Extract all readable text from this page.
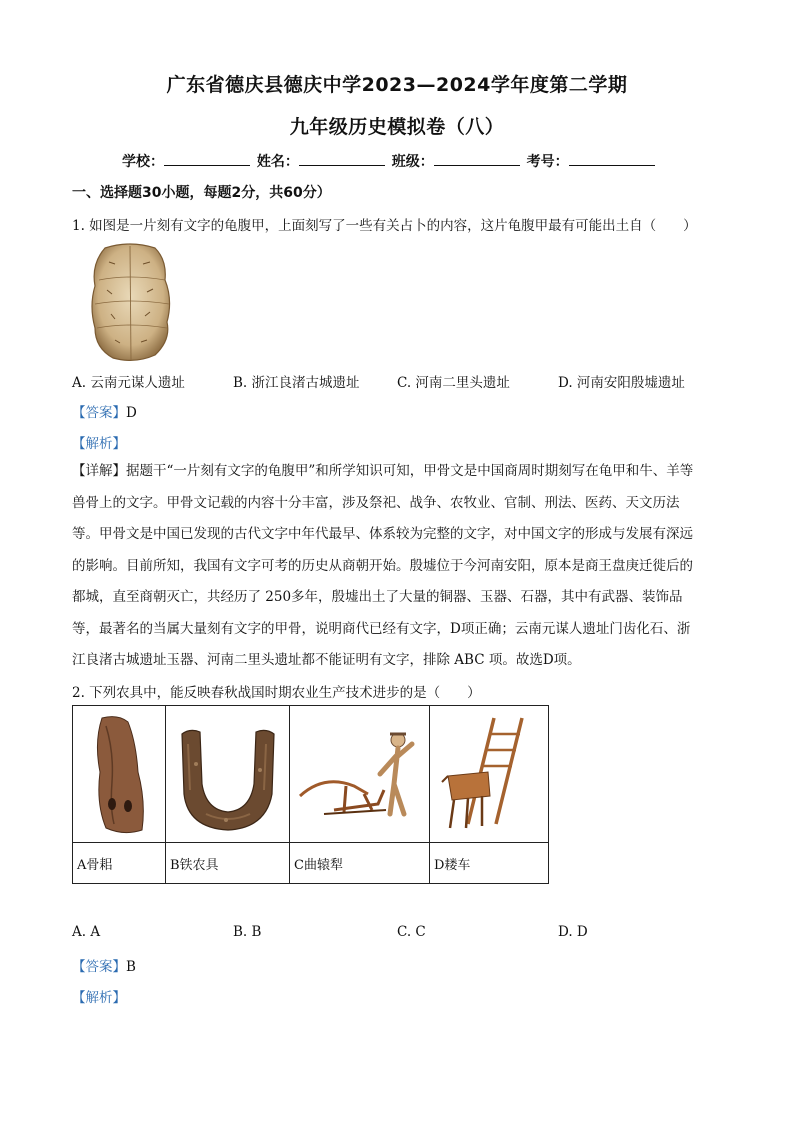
广东省德庆县德庆中学2023—2024学年度第二学期
九年级历史模拟卷（八）
学校：	姓名：	班级：	考号：
一、选择题30小题，每题2分，共60分）
1. 如图是一片刻有文字的龟腹甲，上面刻写了一些有关占卜的内容，这片龟腹甲最有可能出土自（　　）
A. 云南元谋人遗址	B. 浙江良渚古城遗址	C. 河南二里头遗址	D. 河南安阳殷墟遗址
【答案】D
【解析】
【详解】据题干“一片刻有文字的龟腹甲”和所学知识可知，甲骨文是中国商周时期刻写在龟甲和牛、羊等
兽骨上的文字。甲骨文记载的内容十分丰富，涉及祭祀、战争、农牧业、官制、刑法、医药、天文历法
等。甲骨文是中国已发现的古代文字中年代最早、体系较为完整的文字，对中国文字的形成与发展有深远
的影响。目前所知，我国有文字可考的历史从商朝开始。殷墟位于今河南安阳，原本是商王盘庚迁徙后的
都城，直至商朝灭亡，共经历了 250多年，殷墟出土了大量的铜器、玉器、石器，其中有武器、装饰品
等，最著名的当属大量刻有文字的甲骨，说明商代已经有文字，D项正确；云南元谋人遗址门齿化石、浙
江良渚古城遗址玉器、河南二里头遗址都不能证明有文字，排除 ABC 项。故选D项。
2. 下列农具中，能反映春秋战国时期农业生产技术进步的是（　　）

A骨耜	B铁农具	C曲辕犁	D耧车
A. A	B. B	C. C	D. D
【答案】B
【解析】
